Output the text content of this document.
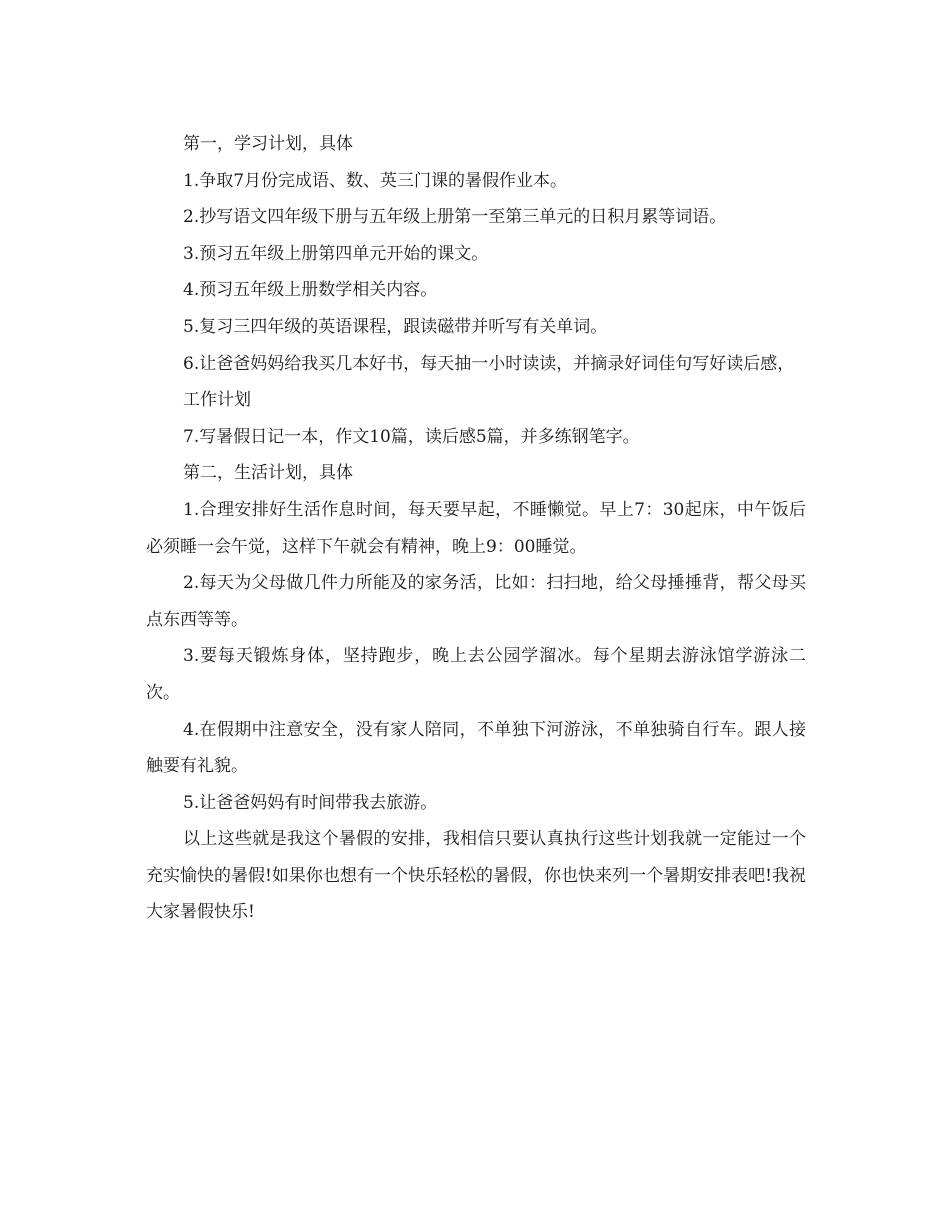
第一，学习计划，具体

1.争取7月份完成语、数、英三门课的暑假作业本。

2.抄写语文四年级下册与五年级上册第一至第三单元的日积月累等词语。

3.预习五年级上册第四单元开始的课文。

4.预习五年级上册数学相关内容。

5.复习三四年级的英语课程，跟读磁带并听写有关单词。

6.让爸爸妈妈给我买几本好书，每天抽一小时读读，并摘录好词佳句写好读后感，

工作计划

7.写暑假日记一本，作文10篇，读后感5篇，并多练钢笔字。

第二，生活计划，具体

1.合理安排好生活作息时间，每天要早起，不睡懒觉。早上7：30起床，中午饭后必须睡一会午觉，这样下午就会有精神，晚上9：00睡觉。

2.每天为父母做几件力所能及的家务活，比如：扫扫地，给父母捶捶背，帮父母买点东西等等。

3.要每天锻炼身体，坚持跑步，晚上去公园学溜冰。每个星期去游泳馆学游泳二次。

4.在假期中注意安全，没有家人陪同，不单独下河游泳，不单独骑自行车。跟人接触要有礼貌。

5.让爸爸妈妈有时间带我去旅游。

以上这些就是我这个暑假的安排，我相信只要认真执行这些计划我就一定能过一个充实愉快的暑假!如果你也想有一个快乐轻松的暑假，你也快来列一个暑期安排表吧!我祝大家暑假快乐!
